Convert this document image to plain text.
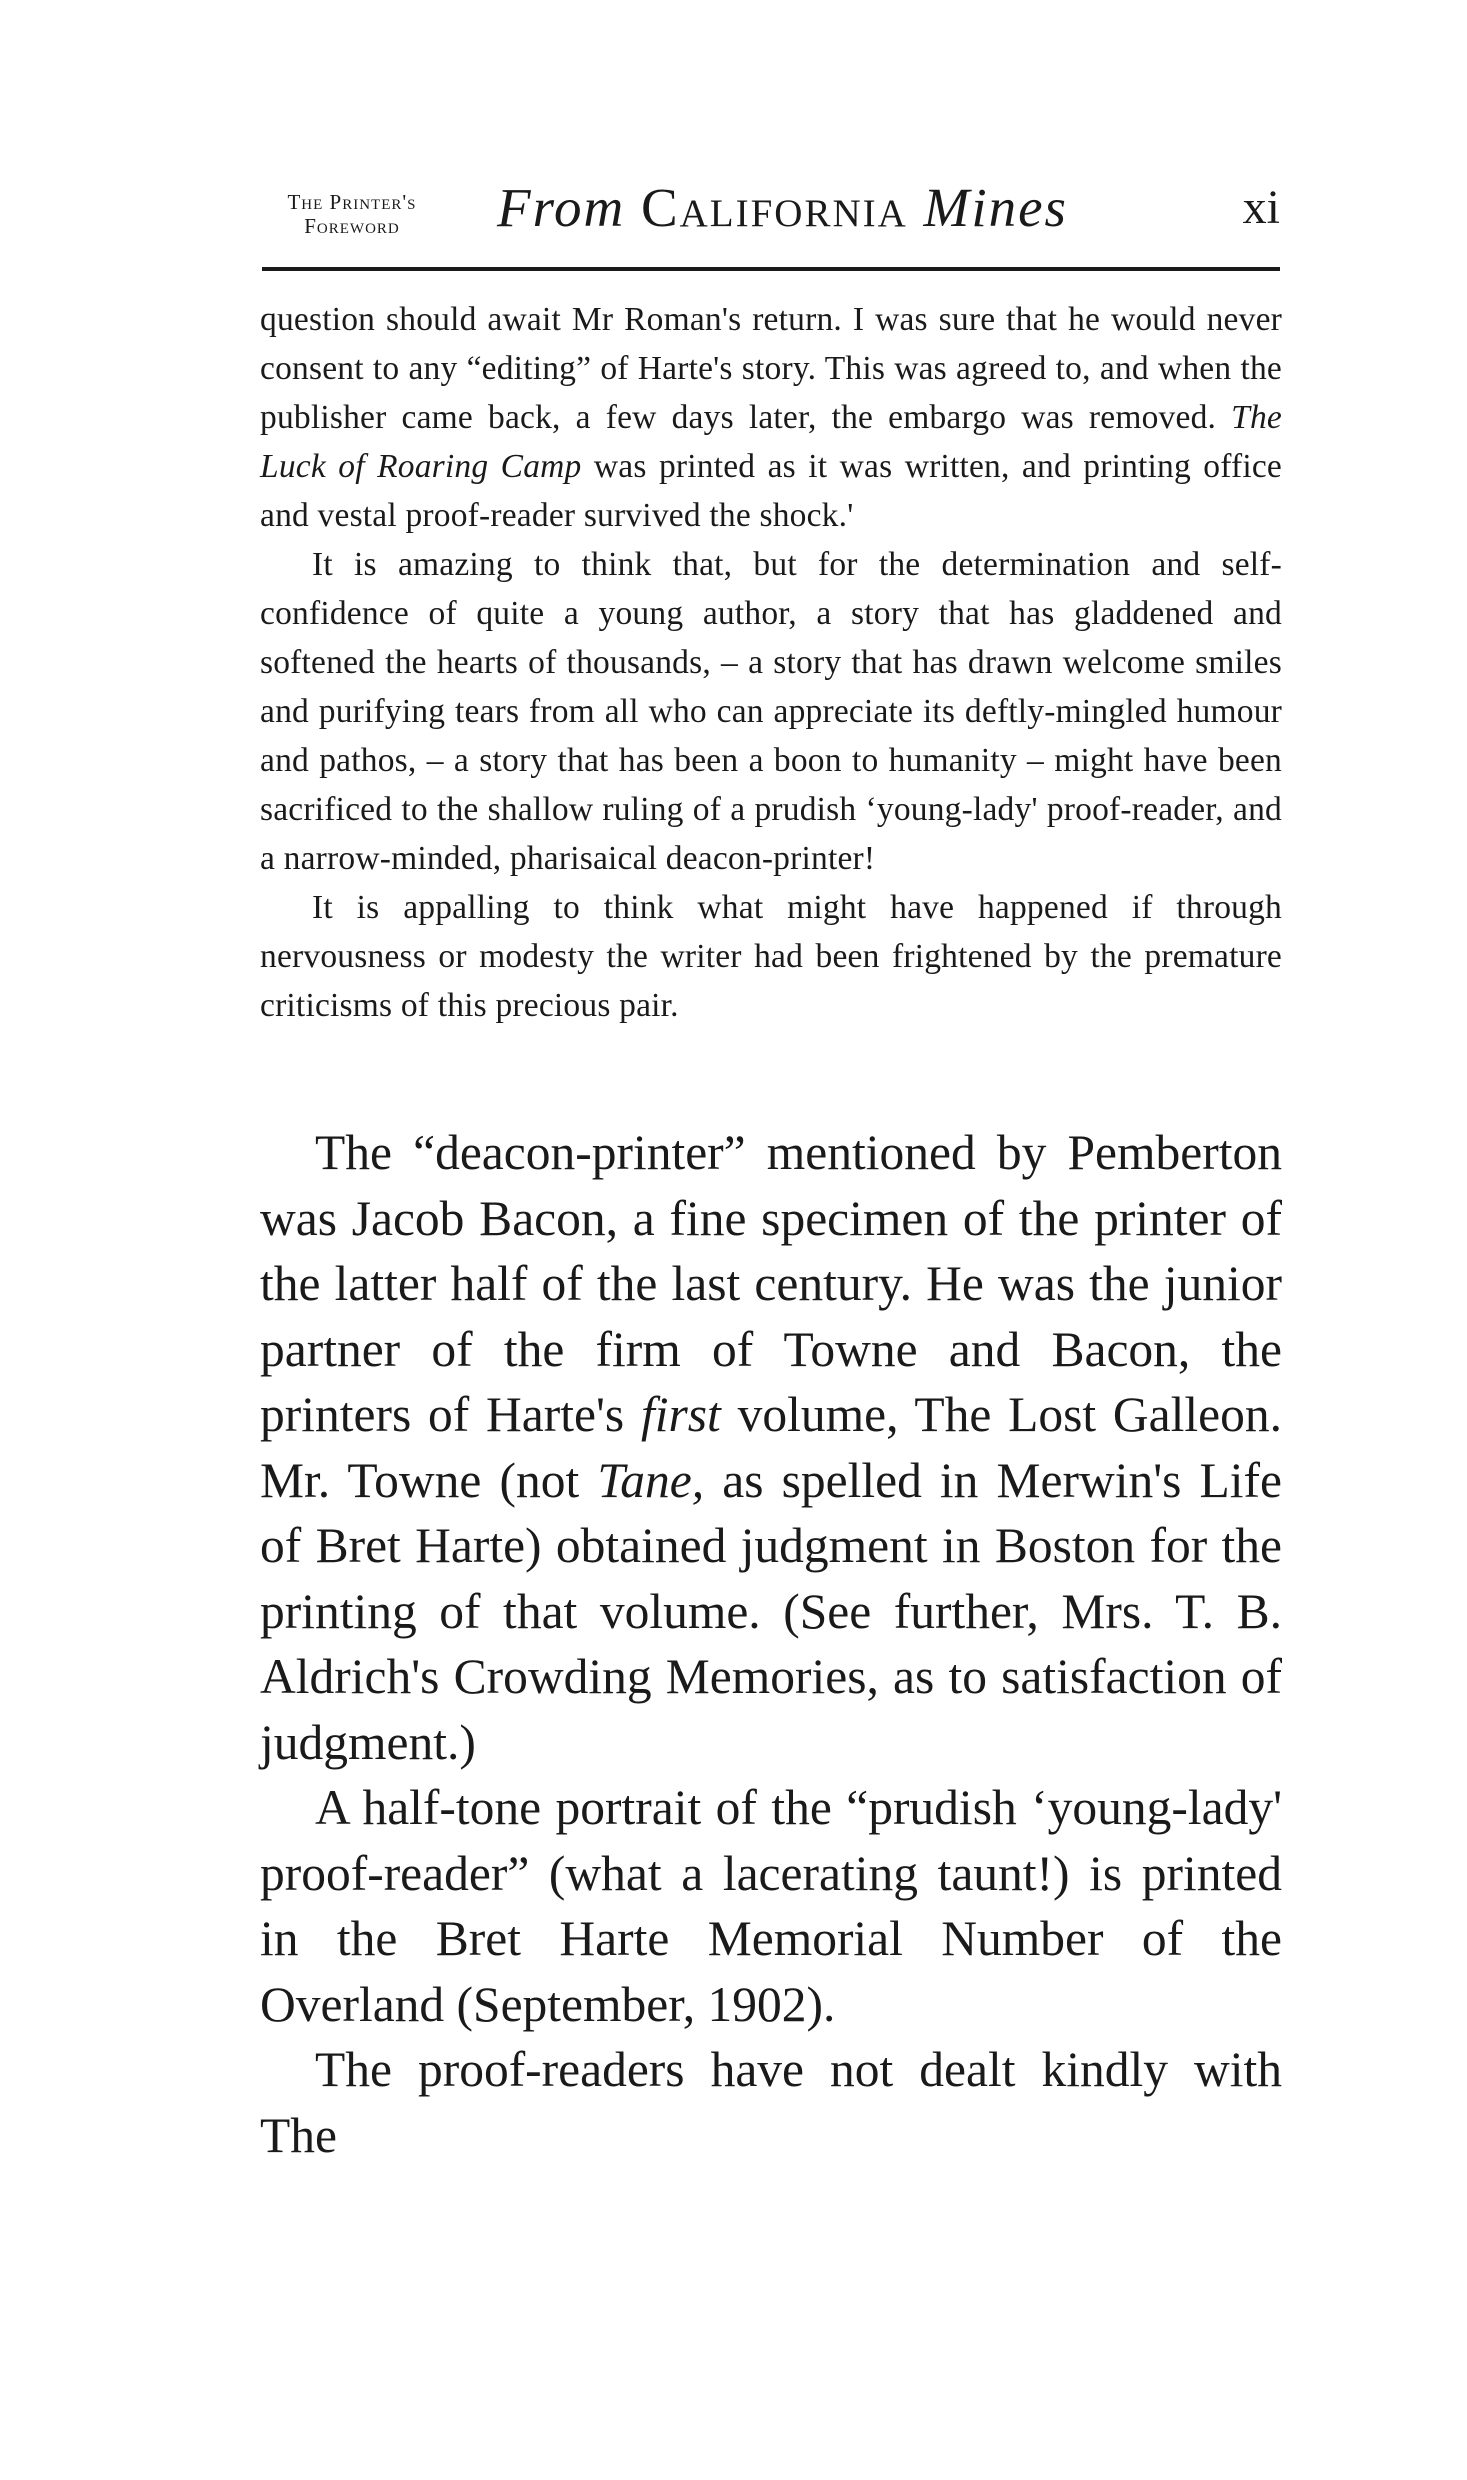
The Printer's
Foreword	From California Mines	xi

question should await Mr Roman's return. I was sure that he would never consent to any “editing” of Harte's story. This was agreed to, and when the publisher came back, a few days later, the embargo was removed. The Luck of Roaring Camp was printed as it was written, and printing office and vestal proof-reader survived the shock.'

It is amazing to think that, but for the determination and self-confidence of quite a young author, a story that has gladdened and softened the hearts of thousands, – a story that has drawn welcome smiles and purifying tears from all who can appreciate its deftly-mingled humour and pathos, – a story that has been a boon to humanity – might have been sacrificed to the shallow ruling of a prudish ‘young-lady' proof-reader, and a narrow-minded, pharisaical deacon-printer!

It is appalling to think what might have happened if through nervousness or modesty the writer had been frightened by the premature criticisms of this precious pair.

The “deacon-printer” mentioned by Pemberton was Jacob Bacon, a fine specimen of the printer of the latter half of the last century. He was the junior partner of the firm of Towne and Bacon, the printers of Harte's first volume, The Lost Galleon. Mr. Towne (not Tane, as spelled in Merwin's Life of Bret Harte) obtained judgment in Boston for the printing of that volume. (See further, Mrs. T. B. Aldrich's Crowding Memories, as to satisfaction of judgment.)

A half-tone portrait of the “prudish ‘young-lady' proof-reader” (what a lacerating taunt!) is printed in the Bret Harte Memorial Number of the Overland (September, 1902).

The proof-readers have not dealt kindly with The
